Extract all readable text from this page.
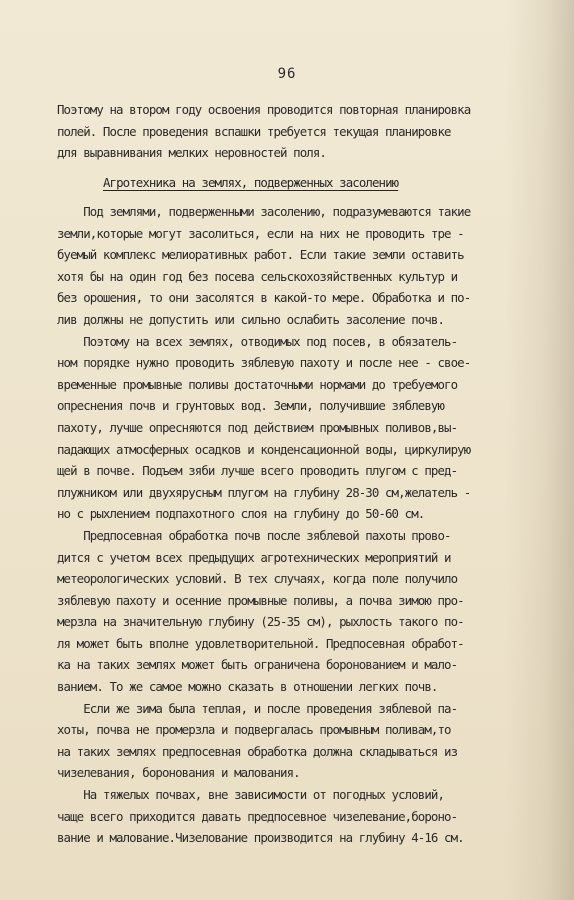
96
Поэтому на втором году освоения проводится повторная планировка
полей. После проведения вспашки требуется текущая планировке
для выравнивания мелких неровностей поля.
Агротехника на землях, подверженных засолению
Под землями, подверженными засолению, подразумеваются такие
земли,которые могут засолиться, если на них не проводить тре -
буемый комплекс мелиоративных работ. Если такие земли оставить
хотя бы на один год без посева сельскохозяйственных культур и
без орошения, то они засолятся в какой-то мере. Обработка и по-
лив должны не допустить или сильно ослабить засоление почв.
Поэтому на всех землях, отводимых под посев, в обязатель-
ном порядке нужно проводить зяблевую пахоту и после нее - свое-
временные промывные поливы достаточными нормами до требуемого
опреснения почв и грунтовых вод. Земли, получившие зяблевую
пахоту, лучше опресняются под действием промывных поливов,вы-
падающих атмосферных осадков и конденсационной воды, циркулирую
щей в почве. Подъем зяби лучше всего проводить плугом с пред-
плужником или двухярусным плугом на глубину 28-30 см,желатель -
но с рыхлением подпахотного слоя на глубину до 50-60 см.
Предпосевная обработка почв после зяблевой пахоты прово-
дится с учетом всех предыдущих агротехнических мероприятий и
метеорологических условий. В тех случаях, когда поле получило
зяблевую пахоту и осенние промывные поливы, а почва зимою про-
мерзла на значительную глубину (25-35 см), рыхлость такого по-
ля может быть вполне удовлетворительной. Предпосевная обработ-
ка на таких землях может быть ограничена боронованием и мало-
ванием. То же самое можно сказать в отношении легких почв.
Если же зима была теплая, и после проведения зяблевой па-
хоты, почва не промерзла и подвергалась промывным поливам,то
на таких землях предпосевная обработка должна складываться из
чизелевания, боронования и малования.
На тяжелых почвах, вне зависимости от погодных условий,
чаще всего приходится давать предпосевное чизелевание,бороно-
вание и малование.Чизелование производится на глубину 4-16 см.
